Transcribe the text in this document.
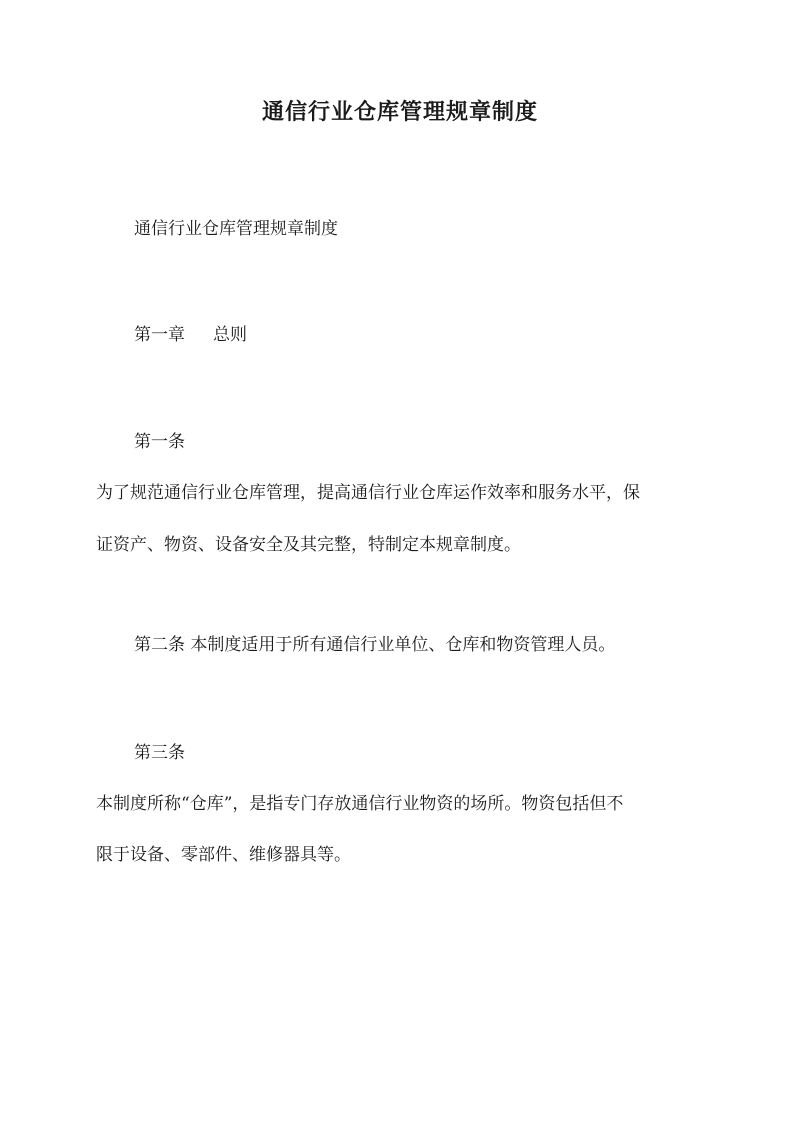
通信行业仓库管理规章制度
通信行业仓库管理规章制度
第一章 总则
第一条
为了规范通信行业仓库管理，提高通信行业仓库运作效率和服务水平，保
证资产、物资、设备安全及其完整，特制定本规章制度。
第二条 本制度适用于所有通信行业单位、仓库和物资管理人员。
第三条
本制度所称“仓库”，是指专门存放通信行业物资的场所。物资包括但不
限于设备、零部件、维修器具等。
